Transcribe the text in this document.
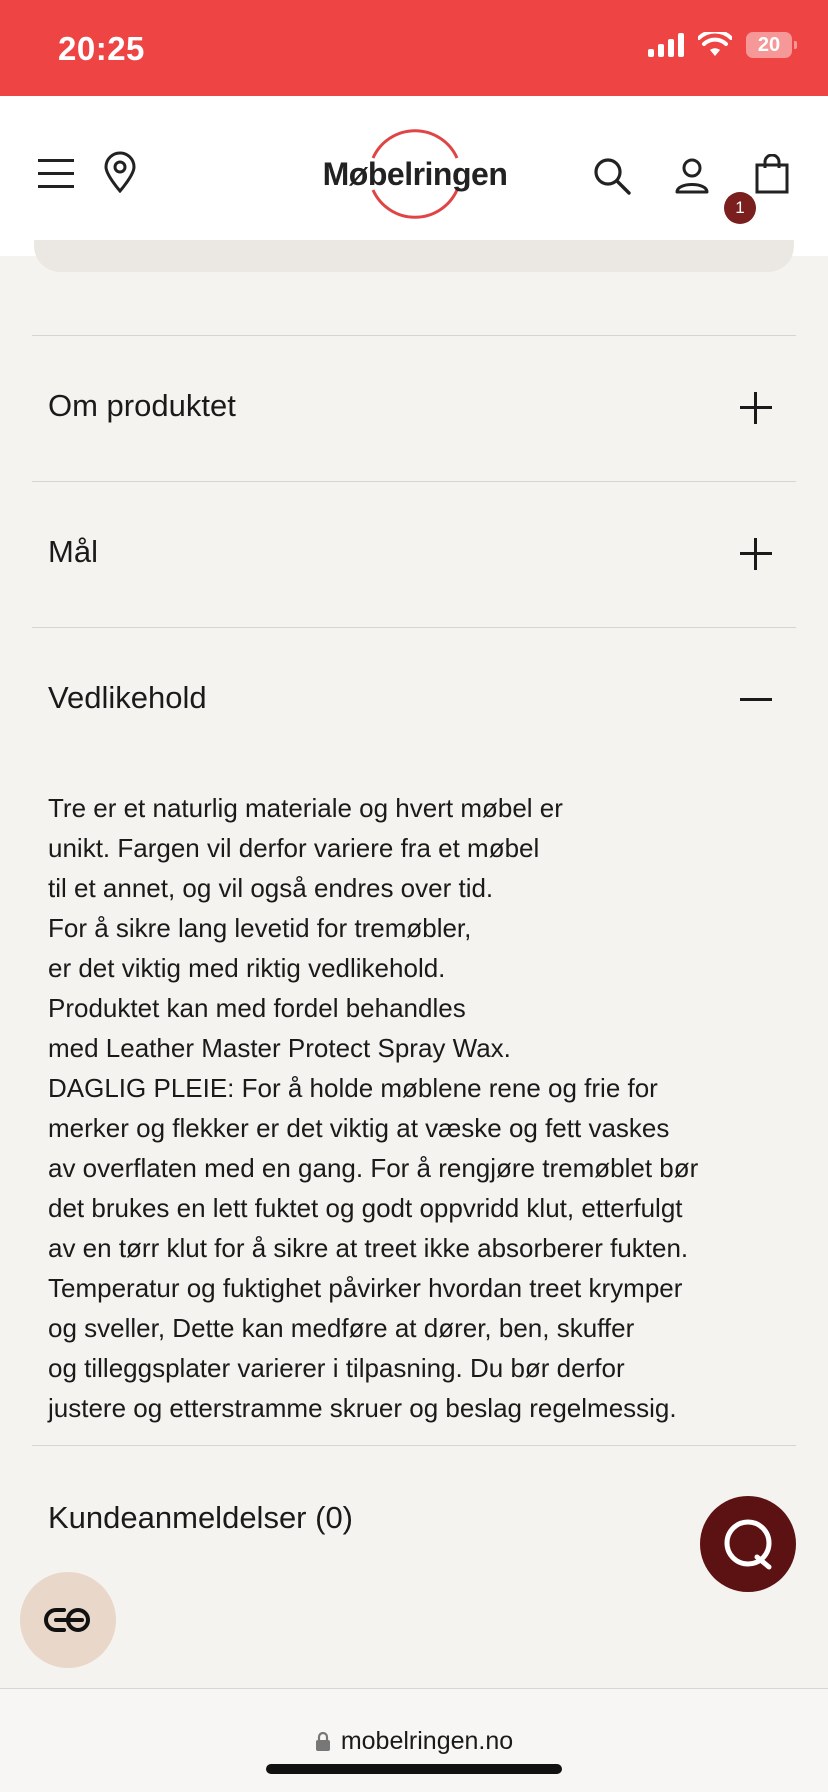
20:25	20
Møbelringen
1
Om produktet
Mål
Vedlikehold
Tre er et naturlig materiale og hvert møbel er
unikt. Fargen vil derfor variere fra et møbel
til et annet, og vil også endres over tid.
For å sikre lang levetid for tremøbler,
er det viktig med riktig vedlikehold.
Produktet kan med fordel behandles
med Leather Master Protect Spray Wax.
DAGLIG PLEIE: For å holde møblene rene og frie for
merker og flekker er det viktig at væske og fett vaskes
av overflaten med en gang. For å rengjøre tremøblet bør
det brukes en lett fuktet og godt oppvridd klut, etterfulgt
av en tørr klut for å sikre at treet ikke absorberer fukten.
Temperatur og fuktighet påvirker hvordan treet krymper
og sveller, Dette kan medføre at dører, ben, skuffer
og tilleggsplater varierer i tilpasning. Du bør derfor
justere og etterstramme skruer og beslag regelmessig.
Kundeanmeldelser (0)
mobelringen.no
